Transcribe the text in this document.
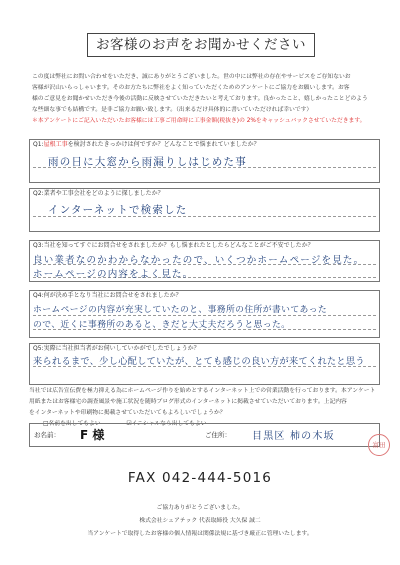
お客様のお声をお聞かせください
この度は弊社にお問い合わせをいただき、誠にありがとうございました。世の中には弊社の存在やサービスをご存知ないお
客様が沢山いらっしゃいます。そのお方たちに弊社をよく知っていただくためのアンケートにご協力をお願いします。お客
様のご意見をお聞かせいただき今後の活動に反映させていただきたいと考えております。良かったこと、嬉しかったことどのよう
な些細な事でも結構です。是非ご協力お願い致します。（出来るだけ具体的に書いていただければ幸いです）
＊本アンケートにご記入いただいたお客様には工事ご用命時に工事金額(税抜き)の 2%をキャッシュバックさせていただきます。
Q1:屋根工事を検討されたきっかけは何ですか？どんなことで悩まれていましたか？
雨の日に大窓から雨漏りしはじめた事
Q2:業者や工事会社をどのように探しましたか？
インターネットで検索した
Q3:当社を知ってすぐにお問合せをされましたか？もし悩まれたとしたらどんなことがご不安でしたか？
良い業者なのかわからなかったので、いくつかホームページを見た。
ホームページの内容をよく見た。
Q4:何が決め手となり当社にお問合せをされましたか？
ホームページの内容が充実していたのと、事務所の住所が書いてあった
ので、近くに事務所のあると、きだと大丈夫だろうと思った。
Q5:実際に当社担当者がお伺いしていかがでしたでしょうか？
来られるまで、少し心配していたが、とても感じの良い方が来てくれたと思う
当社では広告宣伝費を極力抑える為にホームページ作りを始めとするインターネット上での営業活動を行っております。本アンケート
用紙またはお客様宅の調査風景や施工状況を随時ブログ形式のインターネットに掲載させていただいております。上記内容
をインターネットや印刷物に掲載させていただいてもよろしいでしょうか？
□名前を出してもよい	☑イニシャルなら出してもよい
お名前： F 様	ご住所： 目黒区 柿の木坂
富田
FAX 042-444-5016
ご協力ありがとうございました。
株式会社シェアテック 代表取締役 大久保 誠二
当アンケートで取得したお客様の個人情報は関係法規に基づき厳正に管理いたします。
